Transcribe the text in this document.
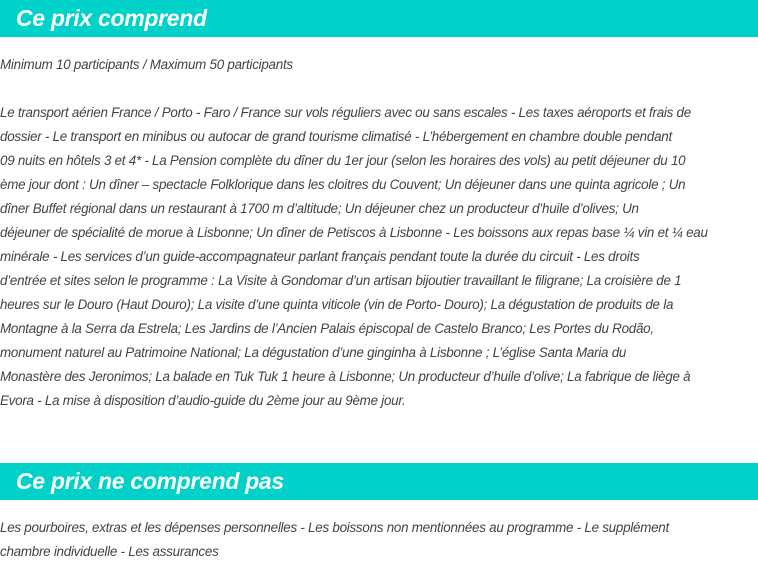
Ce prix comprend
Minimum 10 participants / Maximum 50 participants
Le transport aérien France / Porto - Faro / France sur vols réguliers avec ou sans escales - Les taxes aéroports et frais de
dossier - Le transport en minibus ou autocar de grand tourisme climatisé - L’hébergement en chambre double pendant
09 nuits en hôtels 3 et 4* - La Pension complète du dîner du 1er jour (selon les horaires des vols) au petit déjeuner du 10
ème jour dont : Un dîner – spectacle Folklorique dans les cloitres du Couvent; Un déjeuner dans une quinta agricole ; Un
dîner Buffet régional dans un restaurant à 1700 m d’altitude; Un déjeuner chez un producteur d’huile d’olives; Un
déjeuner de spécialité de morue à Lisbonne; Un dîner de Petiscos à Lisbonne - Les boissons aux repas base ¼ vin et ¼ eau
minérale - Les services d’un guide-accompagnateur parlant français pendant toute la durée du circuit - Les droits
d’entrée et sites selon le programme : La Visite à Gondomar d’un artisan bijoutier travaillant le filigrane; La croisière de 1
heures sur le Douro (Haut Douro); La visite d’une quinta viticole (vin de Porto- Douro); La dégustation de produits de la
Montagne à la Serra da Estrela; Les Jardins de l’Ancien Palais épiscopal de Castelo Branco; Les Portes du Rodão,
monument naturel au Patrimoine National; La dégustation d’une ginginha à Lisbonne ; L’église Santa Maria du
Monastère des Jeronimos; La balade en Tuk Tuk 1 heure à Lisbonne; Un producteur d’huile d’olive; La fabrique de liège à
Evora - La mise à disposition d’audio-guide du 2ème jour au 9ème jour.
Ce prix ne comprend pas
Les pourboires, extras et les dépenses personnelles - Les boissons non mentionnées au programme - Le supplément
chambre individuelle - Les assurances
